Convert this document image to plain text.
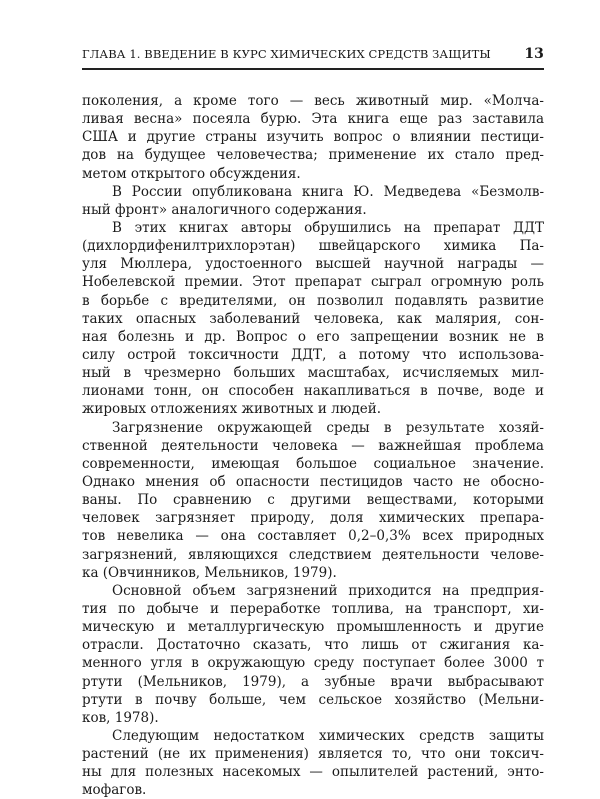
ГЛАВА 1. ВВЕДЕНИЕ В КУРС ХИМИЧЕСКИХ СРЕДСТВ ЗАЩИТЫ 13
поколения, а кроме того — весь животный мир. «Молча-
ливая весна» посеяла бурю. Эта книга еще раз заставила
США и другие страны изучить вопрос о влиянии пестици-
дов на будущее человечества; применение их стало пред-
метом открытого обсуждения.
В России опубликована книга Ю. Медведева «Безмолв-
ный фронт» аналогичного содержания.
В этих книгах авторы обрушились на препарат ДДТ
(дихлордифенилтрихлорэтан) швейцарского химика Па-
уля Мюллера, удостоенного высшей научной награды —
Нобелевской премии. Этот препарат сыграл огромную роль
в борьбе с вредителями, он позволил подавлять развитие
таких опасных заболеваний человека, как малярия, сон-
ная болезнь и др. Вопрос о его запрещении возник не в
силу острой токсичности ДДТ, а потому что использова-
ный в чрезмерно больших масштабах, исчисляемых мил-
лионами тонн, он способен накапливаться в почве, воде и
жировых отложениях животных и людей.
Загрязнение окружающей среды в результате хозяй-
ственной деятельности человека — важнейшая проблема
современности, имеющая большое социальное значение.
Однако мнения об опасности пестицидов часто не обосно-
ваны. По сравнению с другими веществами, которыми
человек загрязняет природу, доля химических препара-
тов невелика — она составляет 0,2–0,3% всех природных
загрязнений, являющихся следствием деятельности челове-
ка (Овчинников, Мельников, 1979).
Основной объем загрязнений приходится на предприя-
тия по добыче и переработке топлива, на транспорт, хи-
мическую и металлургическую промышленность и другие
отрасли. Достаточно сказать, что лишь от сжигания ка-
менного угля в окружающую среду поступает более 3000 т
ртути (Мельников, 1979), а зубные врачи выбрасывают
ртути в почву больше, чем сельское хозяйство (Мельни-
ков, 1978).
Следующим недостатком химических средств защиты
растений (не их применения) является то, что они токсич-
ны для полезных насекомых — опылителей растений, энто-
мофагов.
